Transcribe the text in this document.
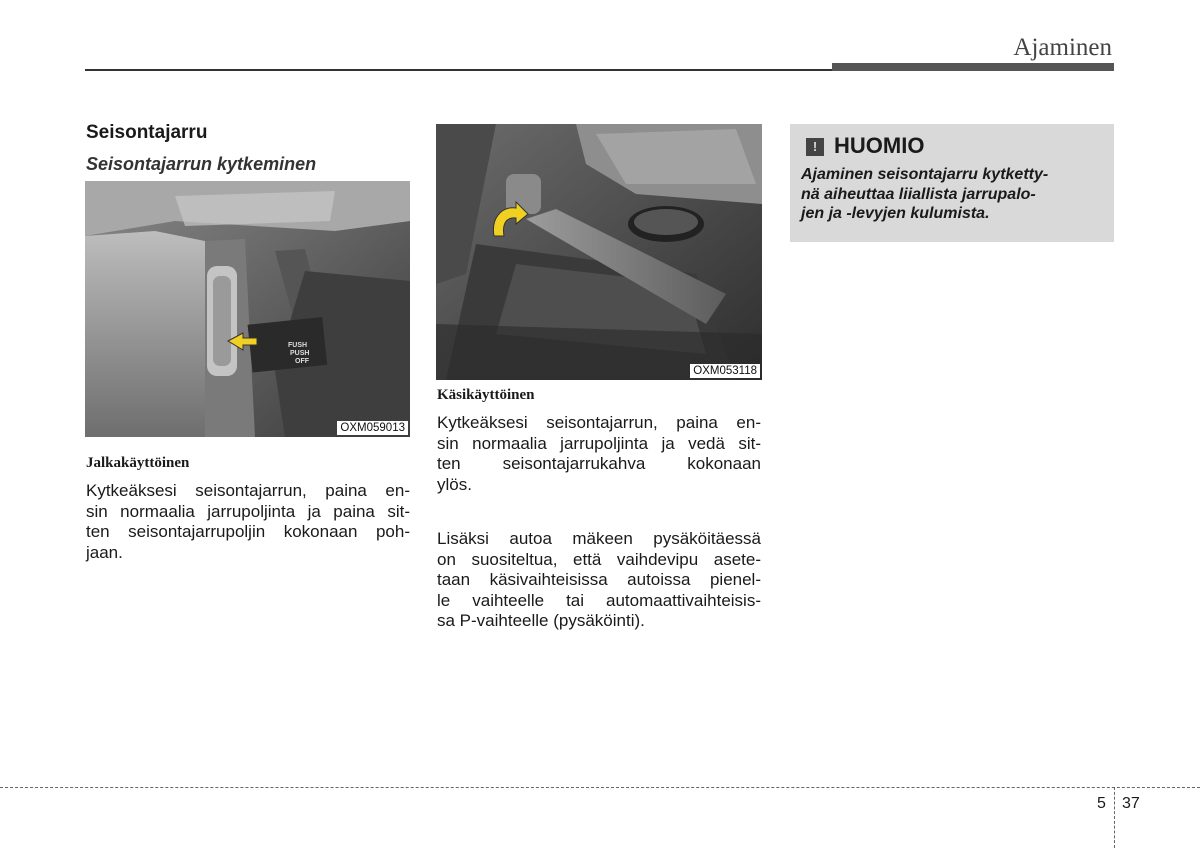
Ajaminen
Seisontajarru
Seisontajarrun kytkeminen
FUSH
PUSH
OFF
OXM059013
OXM053118
Jalkakäyttöinen
Kytkeäksesi seisontajarrun, paina en-
sin normaalia jarrupoljinta ja paina sit-
ten seisontajarrupoljin kokonaan poh-
jaan.
Käsikäyttöinen
Kytkeäksesi seisontajarrun, paina en-
sin normaalia jarrupoljinta ja vedä sit-
ten seisontajarrukahva kokonaan
ylös.
Lisäksi autoa mäkeen pysäköitäessä
on suositeltua, että vaihdevipu asete-
taan käsivaihteisissa autoissa pienel-
le vaihteelle tai automaattivaihteisis-
sa P-vaihteelle (pysäköinti).
! HUOMIO
Ajaminen seisontajarru kytketty-
nä aiheuttaa liiallista jarrupalo-
jen ja -levyjen kulumista.
5 37
